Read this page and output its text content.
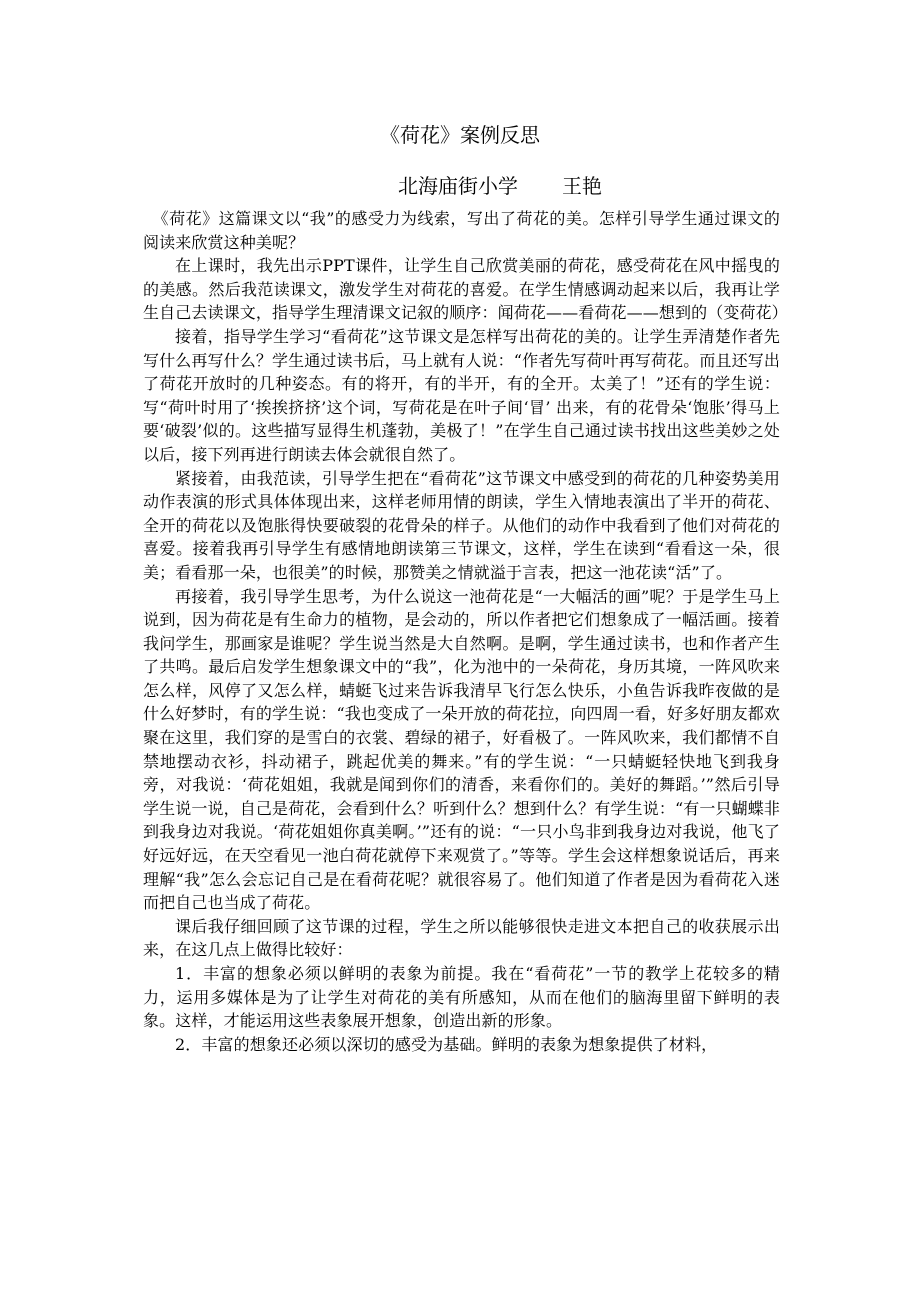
《荷花》案例反思
北海庙街小学 王艳

《荷花》这篇课文以“我”的感受力为线索，写出了荷花的美。怎样引导学生通过课文的阅读来欣赏这种美呢？

在上课时，我先出示PPT课件，让学生自己欣赏美丽的荷花，感受荷花在风中摇曳的的美感。然后我范读课文，激发学生对荷花的喜爱。在学生情感调动起来以后，我再让学生自己去读课文，指导学生理清课文记叙的顺序：闻荷花——看荷花——想到的（变荷花）

接着，指导学生学习“看荷花”这节课文是怎样写出荷花的美的。让学生弄清楚作者先写什么再写什么？学生通过读书后，马上就有人说：“作者先写荷叶再写荷花。而且还写出了荷花开放时的几种姿态。有的将开，有的半开，有的全开。太美了！”还有的学生说：写“荷叶时用了‘挨挨挤挤’这个词，写荷花是在叶子间‘冒’ 出来，有的花骨朵‘饱胀’得马上要‘破裂’似的。这些描写显得生机蓬勃，美极了！”在学生自己通过读书找出这些美妙之处以后，接下列再进行朗读去体会就很自然了。

紧接着，由我范读，引导学生把在“看荷花”这节课文中感受到的荷花的几种姿势美用动作表演的形式具体体现出来，这样老师用情的朗读，学生入情地表演出了半开的荷花、全开的荷花以及饱胀得快要破裂的花骨朵的样子。从他们的动作中我看到了他们对荷花的喜爱。接着我再引导学生有感情地朗读第三节课文，这样，学生在读到“看看这一朵，很美；看看那一朵，也很美”的时候，那赞美之情就溢于言表，把这一池花读“活”了。

再接着，我引导学生思考，为什么说这一池荷花是“一大幅活的画”呢？于是学生马上说到，因为荷花是有生命力的植物，是会动的，所以作者把它们想象成了一幅活画。接着我问学生，那画家是谁呢？学生说当然是大自然啊。是啊，学生通过读书，也和作者产生了共鸣。最后启发学生想象课文中的“我”，化为池中的一朵荷花，身历其境，一阵风吹来怎么样，风停了又怎么样，蜻蜓飞过来告诉我清早飞行怎么快乐，小鱼告诉我昨夜做的是什么好梦时，有的学生说：“我也变成了一朵开放的荷花拉，向四周一看，好多好朋友都欢聚在这里，我们穿的是雪白的衣裳、碧绿的裙子，好看极了。一阵风吹来，我们都情不自禁地摆动衣衫，抖动裙子，跳起优美的舞来。”有的学生说：“一只蜻蜓轻快地飞到我身旁，对我说：‘荷花姐姐，我就是闻到你们的清香，来看你们的。美好的舞蹈。’”然后引导学生说一说，自己是荷花，会看到什么？听到什么？想到什么？有学生说：“有一只蝴蝶非到我身边对我说。‘荷花姐姐你真美啊。’”还有的说：“一只小鸟非到我身边对我说，他飞了好远好远，在天空看见一池白荷花就停下来观赏了。”等等。学生会这样想象说话后，再来理解“我”怎么会忘记自己是在看荷花呢？就很容易了。他们知道了作者是因为看荷花入迷而把自己也当成了荷花。

课后我仔细回顾了这节课的过程，学生之所以能够很快走进文本把自己的收获展示出来，在这几点上做得比较好：

1．丰富的想象必须以鲜明的表象为前提。我在“看荷花”一节的教学上花较多的精力，运用多媒体是为了让学生对荷花的美有所感知，从而在他们的脑海里留下鲜明的表象。这样，才能运用这些表象展开想象，创造出新的形象。

2．丰富的想象还必须以深切的感受为基础。鲜明的表象为想象提供了材料，
